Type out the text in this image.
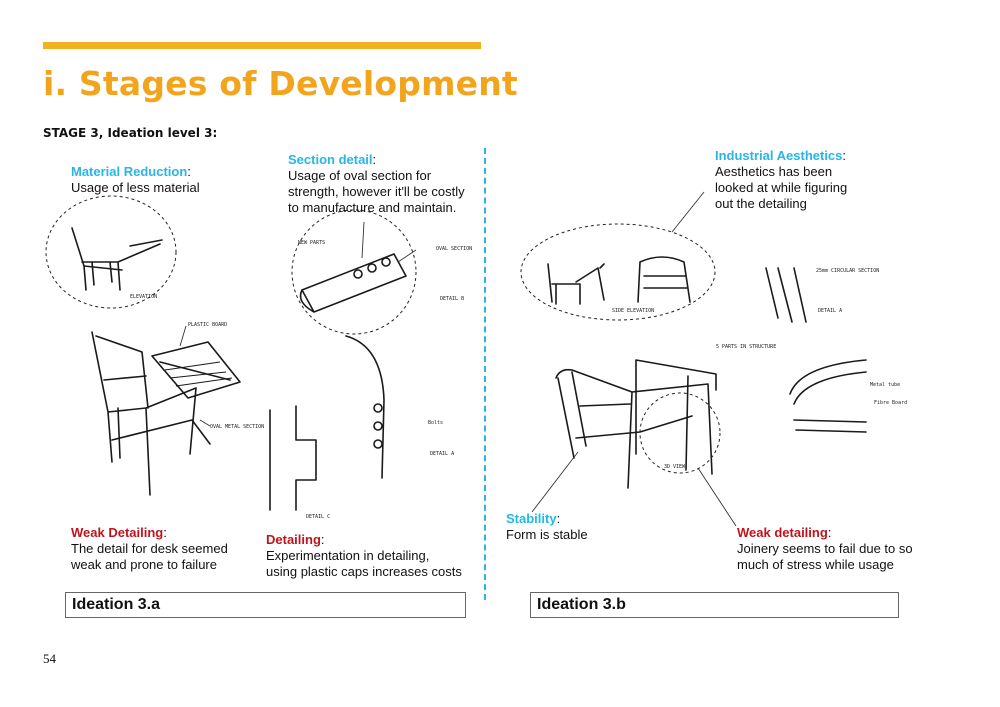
i. Stages of Development
STAGE 3, Ideation level 3:
ELEVATION
PLASTIC BOARD
OVAL METAL SECTION
NEW PARTS
OVAL SECTION
DETAIL B
Bolts
DETAIL A
DETAIL C
SIDE ELEVATION
25mm CIRCULAR SECTION
DETAIL A
3D VIEW
5 PARTS IN STRUCTURE
Metal tube
Fibre Board
Material Reduction:
Usage of less material
Section detail:
Usage of oval section for
strength, however it'll be costly
to manufacture and maintain.
Weak Detailing:
The detail for desk seemed
weak and prone to failure
Detailing:
Experimentation in detailing,
using plastic caps increases costs
Industrial Aesthetics:
Aesthetics has been
looked at while figuring
out the detailing
Stability:
Form is stable	Weak detailing:
Joinery seems to fail due to so
much of stress while usage
Ideation 3.a	Ideation 3.b
54
